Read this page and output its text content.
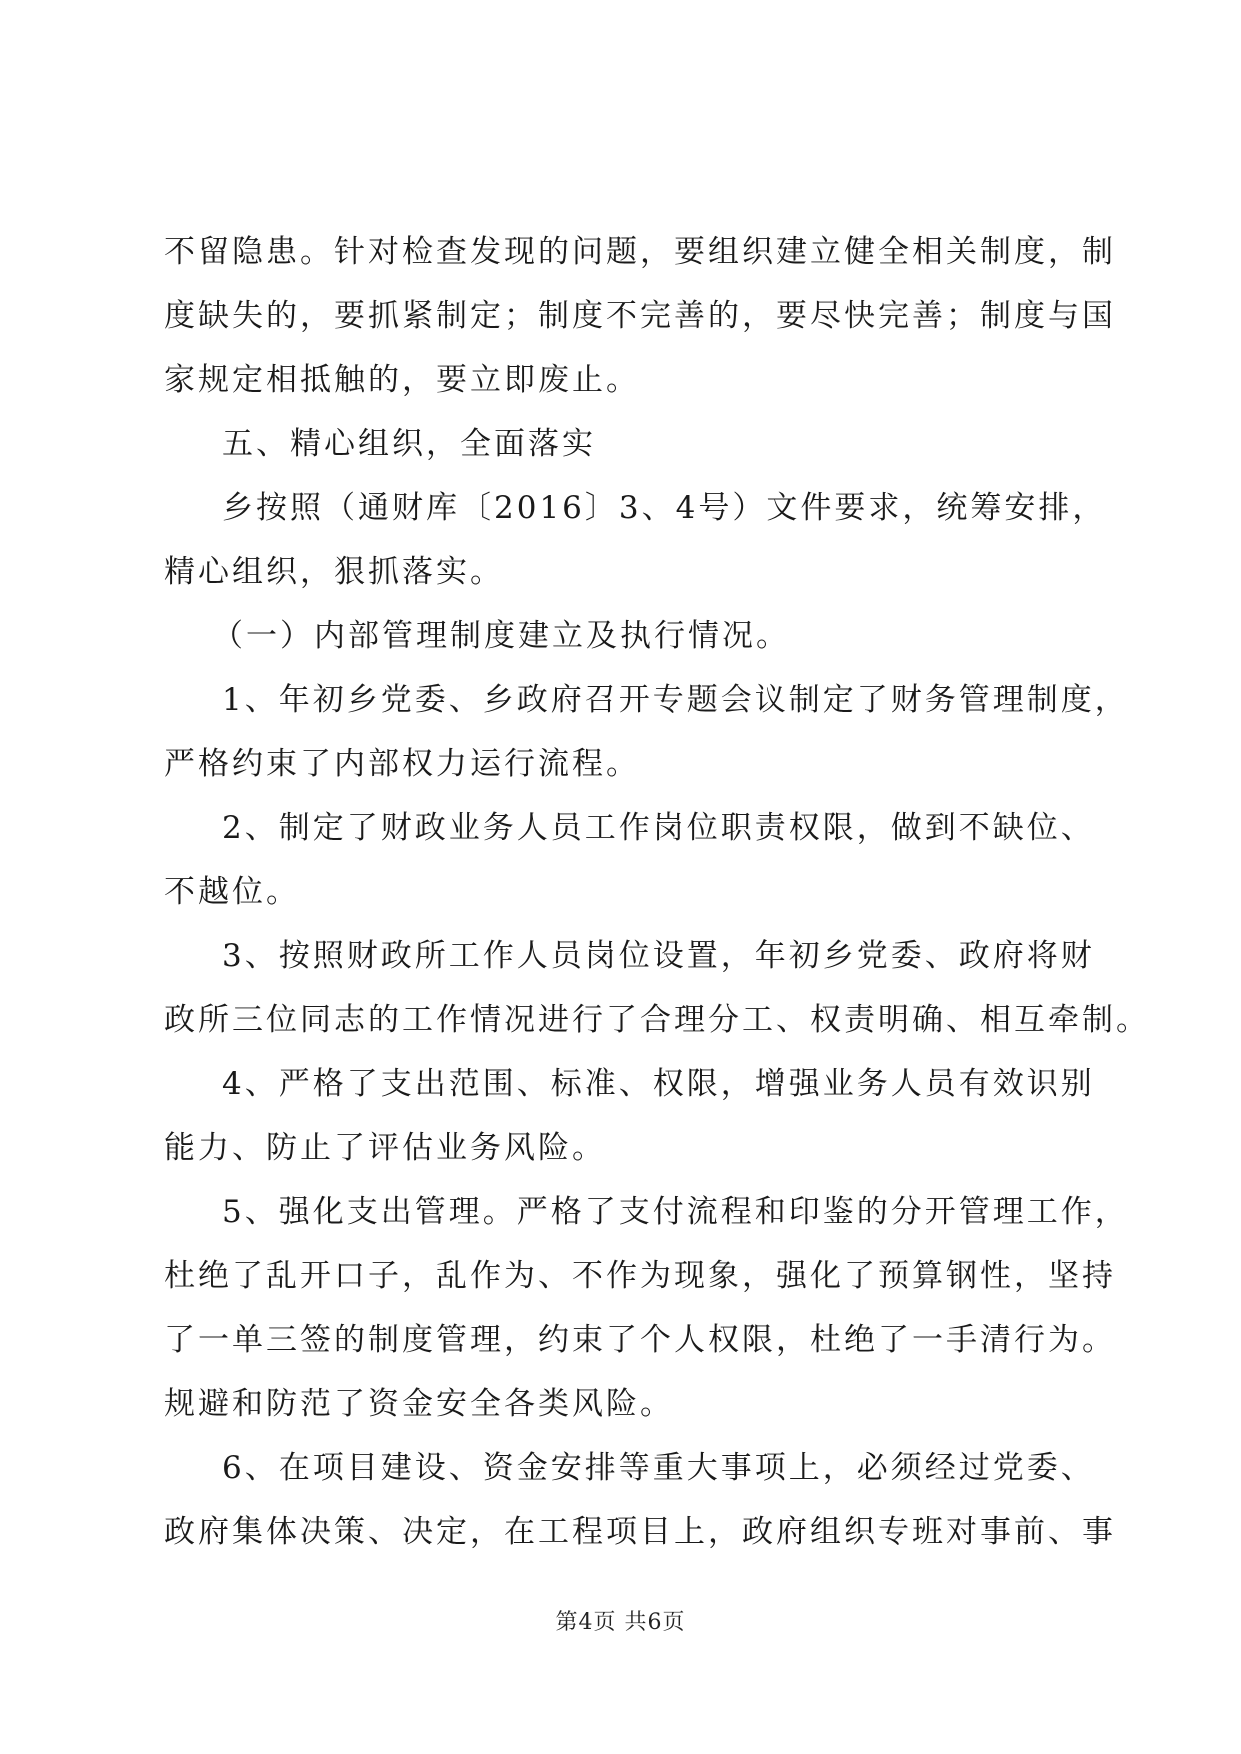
不留隐患。针对检查发现的问题，要组织建立健全相关制度，制
度缺失的，要抓紧制定；制度不完善的，要尽快完善；制度与国
家规定相抵触的，要立即废止。
五、精心组织，全面落实
乡按照（通财库〔2016〕3、4号）文件要求，统筹安排，
精心组织，狠抓落实。
（一）内部管理制度建立及执行情况。
1、年初乡党委、乡政府召开专题会议制定了财务管理制度，
严格约束了内部权力运行流程。
2、制定了财政业务人员工作岗位职责权限，做到不缺位、
不越位。
3、按照财政所工作人员岗位设置，年初乡党委、政府将财
政所三位同志的工作情况进行了合理分工、权责明确、相互牵制。
4、严格了支出范围、标准、权限，增强业务人员有效识别
能力、防止了评估业务风险。
5、强化支出管理。严格了支付流程和印鉴的分开管理工作，
杜绝了乱开口子，乱作为、不作为现象，强化了预算钢性，坚持
了一单三签的制度管理，约束了个人权限，杜绝了一手清行为。
规避和防范了资金安全各类风险。
6、在项目建设、资金安排等重大事项上，必须经过党委、
政府集体决策、决定，在工程项目上，政府组织专班对事前、事
第4页 共6页
